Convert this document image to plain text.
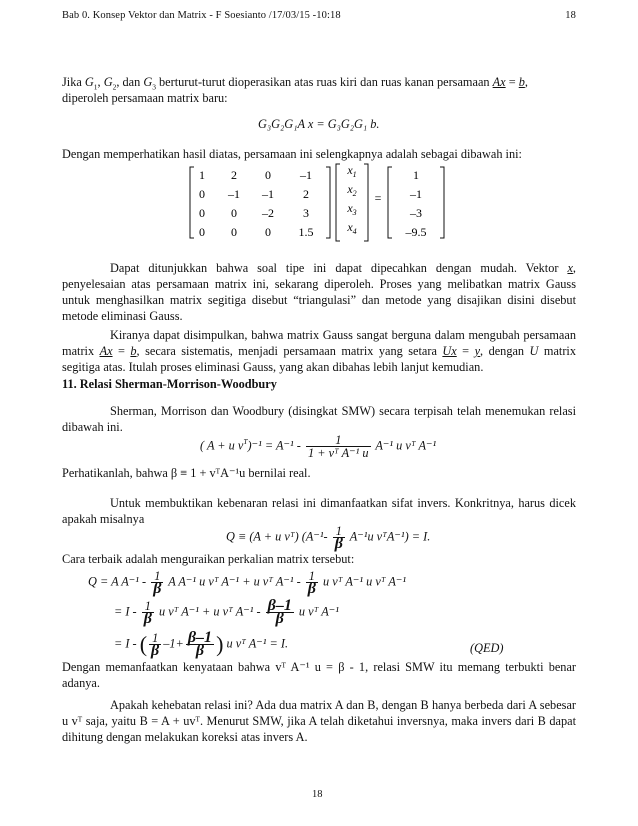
Bab 0. Konsep Vektor dan Matrix - F Soesianto /17/03/15 -10:18	18

Jika $G_1$, $G_2$, dan $G_3$ berturut-turut dioperasikan atas ruas kiri dan ruas kanan persamaan Ax = b,
diperoleh persamaan matrix baru:

G₃G₂G₁A x = G₃G₂G₁ b.

Dengan memperhatikan hasil diatas, persamaan ini selengkapnya adalah sebagai dibawah ini:

1 2 0 –1
0 –1 –1 2
0 0 –2 3
0 0 0 1.5
$x_1$
$x_2$
$x_3$
$x_4$
=
1
–1
–3
–9.5

Dapat ditunjukkan bahwa soal tipe ini dapat dipecahkan dengan mudah. Vektor x, penyelesaian atas persamaan matrix ini, sekarang diperoleh. Proses yang melibatkan matrix Gauss untuk menghasilkan matrix segitiga disebut “triangulasi” dan metode yang disajikan disini disebut metode eliminasi Gauss.

Kiranya dapat disimpulkan, bahwa matrix Gauss sangat berguna dalam mengubah persamaan matrix Ax = b, secara sistematis, menjadi persamaan matrix yang setara Ux = y, dengan U matrix segitiga atas. Itulah proses eliminasi Gauss, yang akan dibahas lebih lanjut kemudian.

11. Relasi Sherman-Morrison-Woodbury

Sherman, Morrison dan Woodbury (disingkat SMW) secara terpisah telah menemukan relasi dibawah ini.

( A + u $v^T)^{-1} = A^{-1} - \frac{1}{\text{1 + vᵀ A⁻¹ u}} A^{-1}$ u vᵀ A⁻¹

Perhatikanlah, bahwa β ≡ 1 + vᵀA⁻¹u bernilai real.

Untuk membuktikan kebenaran relasi ini dimanfaatkan sifat invers. Konkritnya, harus dicek apakah misalnya

Q ≡ (A + u vᵀ) ($A^{-1}- \frac{1}{\beta} A^{-1}u$ vᵀA⁻¹) = I.

Cara terbaik adalah menguraikan perkalian matrix tersebut:

Q = A $A^{-1} - \frac{1}{\beta}$ A A⁻¹ u vᵀ A⁻¹ + u vᵀ $A^{-1} - \frac{1}{\beta}$ u vᵀ A⁻¹ u vᵀ A⁻¹
= I - $\frac{1}{\beta}$ u vᵀ A⁻¹ + u vᵀ $A^{-1} - \frac{\beta-1}{\beta}$ u vᵀ A⁻¹
= I - ( $\frac{1}{\beta} -1+ \frac{\beta-1}{\beta}$ ) u vᵀ A⁻¹ = I.	(QED)

Dengan memanfaatkan kenyataan bahwa vᵀ A⁻¹ u = β - 1, relasi SMW itu memang terbukti benar adanya.

Apakah kehebatan relasi ini? Ada dua matrix A dan B, dengan B hanya berbeda dari A sebesar u vᵀ saja, yaitu B = A + uvᵀ. Menurut SMW, jika A telah diketahui inversnya, maka invers dari B dapat dihitung dengan melakukan koreksi atas invers A.

18
